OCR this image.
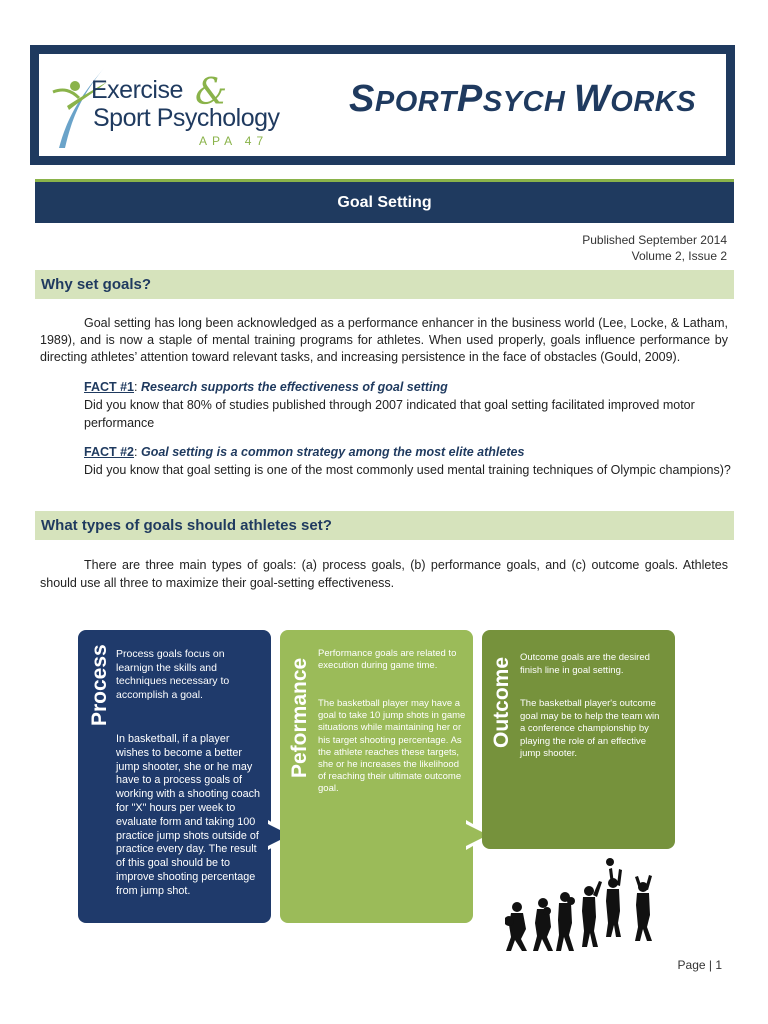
Exercise &
Sport Psychology
APA 47
SPORTPSYCH WORKS
Goal Setting
Published September 2014
Volume 2, Issue 2
Why set goals?
Goal setting has long been acknowledged as a performance enhancer in the business world (Lee, Locke, & Latham, 1989), and is now a staple of mental training programs for athletes. When used properly, goals influence performance by directing athletes’ attention toward relevant tasks, and increasing persistence in the face of obstacles (Gould, 2009).
FACT #1: Research supports the effectiveness of goal setting
Did you know that 80% of studies published through 2007 indicated that goal setting facilitated improved motor performance
FACT #2: Goal setting is a common strategy among the most elite athletes
Did you know that goal setting is one of the most commonly used mental training techniques of Olympic champions)?
What types of goals should athletes set?
There are three main types of goals: (a) process goals, (b) performance goals, and (c) outcome goals. Athletes should use all three to maximize their goal-setting effectiveness.
Process Process goals focus on learnign the skills and techniques necessary to accomplish a goal.
In basketball, if a player wishes to become a better jump shooter, she or he may have to a process goals of working with a shooting coach for "X" hours per week to evaluate form and taking 100 practice jump shots outside of practice every day. The result of this goal should be to improve shooting percentage from jump shot.
Peformance
Performance goals are related to execution during game time.
The basketball player may have a goal to take 10 jump shots in game situations while maintaining her or his target shooting percentage. As the athlete reaches these targets, she or he increases the likelihood of reaching their ultimate outcome goal.
Outcome Outcome goals are the desired finish line in goal setting.
The basketball player's outcome goal may be to help the team win a conference championship by playing the role of an effective jump shooter.
Page | 1
